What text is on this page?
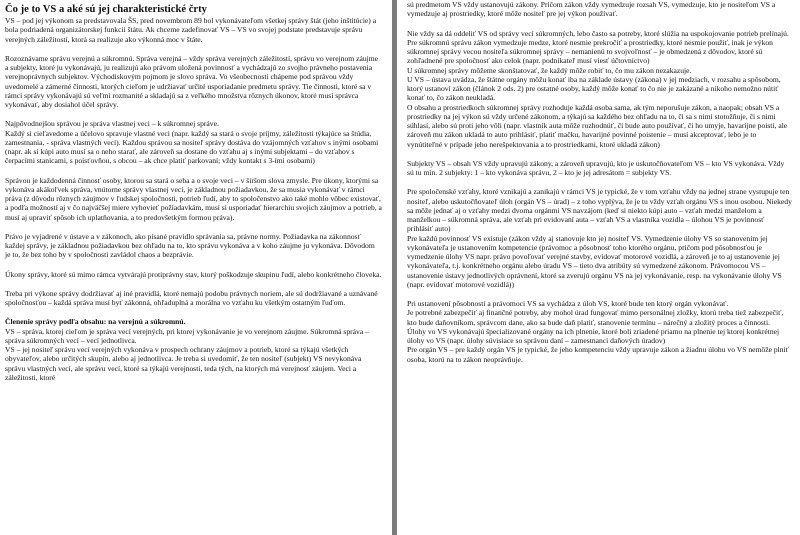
Čo je to VS a aké sú jej charakteristické črty
VS – pod jej výkonom sa predstavovala ŠS, pred novembrom 89 bol vykonávateľom všetkej správy štát (jeho inštitúcie) a bola podriadená organizátorskej funkcii štátu. Ak chceme zadefinovať VS – VS vo svojej podstate predstavuje správu verejných záležitostí, ktorá sa realizuje ako výkonná moc v štáte.
Rozoznávame správu verejnú a súkromnú. Správa verejná – vždy správa verejných záležitostí, správu vo verejnom záujme a subjekty, ktoré ju vykonávajú, ju realizujú ako právom uložená povinnosť a vychádzajú zo svojho právneho postavenia verejnoprávnych subjektov. Východiskovým pojmom je slovo správa. Vo všeobecnosti chápeme pod správou vždy uvedomelé a zámerné činnosti, ktorých cieľom je udržiavať určité usporiadanie predmetu správy. Tie činnosti, ktoré sa v rámci správy vykonávajú sú veľmi rozmanité a skladajú sa z veľkého množstva rôznych úkonov, ktoré musí správca vykonávať, aby dosiahol účel správy.
Najpôvodnejšou správou je správa vlastnej veci – k súkromnej správe.
Každý si cieľavedome a účelovo spravuje vlastné veci (napr. každý sa stará o svoje príjmy, záležitosti týkajúce sa štúdia, zamestnania, - správa vlastných vecí). Každou správou sa nositeľ správy dostáva do vzájomných vzťahov s inými osobami (napr. ak si kúpi auto musí sa o neho starať, ale zároveň sa dostane do vzťahu aj s inými subjektami – do vzťahov s čerpacími stanicami, s poisťovňou, s obcou – ak chce platiť parkovaní; vždy kontakt s 3-ími osobami)
Správou je každodenná činnosť osoby, ktorou sa stará o seba a o svoje veci – v širšom slova zmysle. Pre úkony, ktorými sa vykonáva akákoľvek správa, vnútorne správy vlastnej veci, je základnou požiadavkou, že sa musia vykonávať v rámci práva (z dôvodu rôznych záujmov v ľudskej spoločnosti, potrieb ľudí, aby to spoločenstvo ako také mohlo vôbec existovať, a podľa možností aj v čo najväčšej miere vyhovieť požiadavkám, musí si usporiadať hierarchiu svojich záujmov a potrieb, a musí aj upraviť spôsob ich uplatňovania, a to predovšetkým formou práva).
Právo je vyjadrené v ústave a v zákonoch, ako písané pravidlo správania sa, právne normy. Požiadavka na zákonnosť každej správy, je základnou požiadavkou bez ohľadu na to, kto správu vykonáva a v koho záujme ju vykonáva. Dôvodom je to, že bez toho by v spoločnosti zavládol chaos a bezprávie.
Úkony správy, ktoré sú mimo rámca vytvárajú protiprávny stav, ktorý poškodzuje skupinu ľudí, alebo konkrétneho človeka.
Treba pri výkone správy dodržiavať aj iné pravidlá, ktoré nemajú podobu právnych noriem, ale sú dodržiavané a uznávané spoločnosťou – každá správa musí byť zákonná, ohľaduplná a morálna vo vzťahu ku všetkým ostatným ľuďom.
Členenie správy podľa obsahu: na verejnú a súkromnú.
VS – správa, ktorej cieľom je správa vecí verejných, pri ktorej vykonávanie je vo verejnom záujme. Súkromná správa – správa súkromných vecí – vecí jednotlivca.
VS – jej nositeľ správu vecí verejných vykonáva v prospech ochrany záujmov a potrieb, ktoré sa týkajú všetkých obyvateľov, alebo určitých skupín, alebo aj jednotlivca. Je treba si uvedomiť, že ten nositeľ (subjekt) VS nevykonáva správu vlastných vecí, ale správu vecí, ktoré sa týkajú verejnosti, teda tých, na ktorých má verejnosť záujem. Veci a záležitosti, ktoré
sú predmetom VS vždy ustanovujú zákony. Pričom zákon vždy vymedzuje rozsah VS, vymedzuje, kto je nositeľom VS a vymedzuje aj prostriedky, ktoré môže nositeľ pre jej výkon používať.
Nie vždy sa dá oddeliť VS od správy vecí súkromných, lebo často sa potreby, ktoré slúžia na uspokojovanie potrieb prelínajú. Pre súkromnú správu zákon vymedzuje medze, ktoré nesmie prekročiť a prostriedky, ktoré nesmie použiť, inak je výkon súkromnej správy vecou nositeľa súkromnej správy – nemanienú to svojvoľnosť – je obmedzená z dôvodov, ktoré sú zohľadnené pre spoločnosť ako celok (napr. podnikateľ musí viesť účtovníctvo)
U súkromnej správy môžeme skonštatovať, že každý môže robiť to, čo mu zákon nezakazuje.
U VS – ústava uvádza, že štátne orgány môžu konať iba na základe ústavy (zákona) v jej medziach, v rozsahu a spôsobom, ktorý ustanoví zákon (článok 2 ods. 2) pre ostatné osoby, každý môže konať to čo nie je zakázané a nikoho nemožno nútiť konať to, čo zákon neukladá.
O obsahu a prostriedkoch súkromnej správy rozhoduje každá osoba sama, ak tým neporušuje zákon, a naopak; obsah VS a prostriedky na jej výkon sú vždy určené zákonom, a týkajú sa každého bez ohľadu na to, či sa s nimi stotožňuje, či s nimi súhlasí, alebo sú proti jeho vôli (napr. vlastník auta môže rozhodnúť, či bude auto používať, či ho umyje, havarijne poistí, ale zároveň mu zákon ukladá to auto prihlásiť, platiť mačku, havarijné povinné poistenie – musí akceptovať, lebo je to vynútiteľné v prípade jeho nerešpektovania a to prostriedkami, ktoré ukladá zákon)
Subjekty VS – obsah VS vždy upravujú zákony, a zároveň upravujú, kto je uskutočňovateľom VS – kto VS vykonáva. Vždy sú tu min. 2 subjekty: 1 – kto vykonáva správu, 2 – kto je jej adresátom = subjekty VS.
Pre spoločenské vzťahy, ktoré vznikajú a zanikajú v rámci VS je typické, že v tom vzťahu vždy na jednej strane vystupuje ten nositeľ, alebo uskutočňovateľ úloh (orgán VS – úrad) – z toho vyplýva, že je tu vždy vzťah orgánu VS s inou osobou. Niekedy sa môže jednať aj o vzťahy medzi dvoma orgánmi VS navzájom (keď si niekto kúpi auto – vzťah medzi manželom a manželkou – súkromná správa, ale vzťah pri evidovaní auta – vzťah VS a vlastníka vozidla – úlohou VS je povinnosť prihlásiť auto)
Pre každú povinnosť VS existuje (zákon vždy aj stanovuje kto je) nositeľ VS. Vymedzenie úlohy VS so stanovením jej vykonávateľa je ustanovením kompetencie (právomoc a pôsobnosť toho ktorého orgánu, pričom pod pôsobnosťou je vymedzenie úlohy VS napr. právo povoľovať verejné stavby, evidovať motorové vozidlá, a zároveň je to aj ustanovenie jej vykonávateľa, t.j. konkrétneho orgánu alebo úradu VS – tieto dva atribúty sú vymedzené zákonom. Právomocou VS – ustanovenie ústavy jednotlivých oprávnení, ktoré sa zverujú orgánu VS na jej vykonávanie, resp. na vykonávanie úlohy VS (napr. evidovať motorové vozidlá))
Pri ustanovení pôsobnosti a právomoci VS sa vychádza z úloh VS, ktoré bude ten ktorý orgán vykonávať.
Je potrebné zabezpečiť aj finančné potreby, aby mohol úrad fungovať mimo personálnej zložky, ktorú treba tiež zabezpečiť, kto bude daňovníkom, správcom dane, ako sa bude daň platiť, stanovenie termínu – nárečný a zložitý proces a činnosti.
Úlohy vo VS vykonávajú špecializované orgány na ich plnenie, ktoré boli zriadené priamo na plnenie tej ktorej konkrétnej úlohy vo VS (napr. úlohy súvisiace so správou daní – zamestnanci daňových úradov)
Pre orgán VS – pre každý orgán VS je typické, že jeho kompetenciu vždy upravuje zákon a žiadnu úlohu vo VS nemôže plniť osoba, ktorú na to zákon neoprávňuje.
